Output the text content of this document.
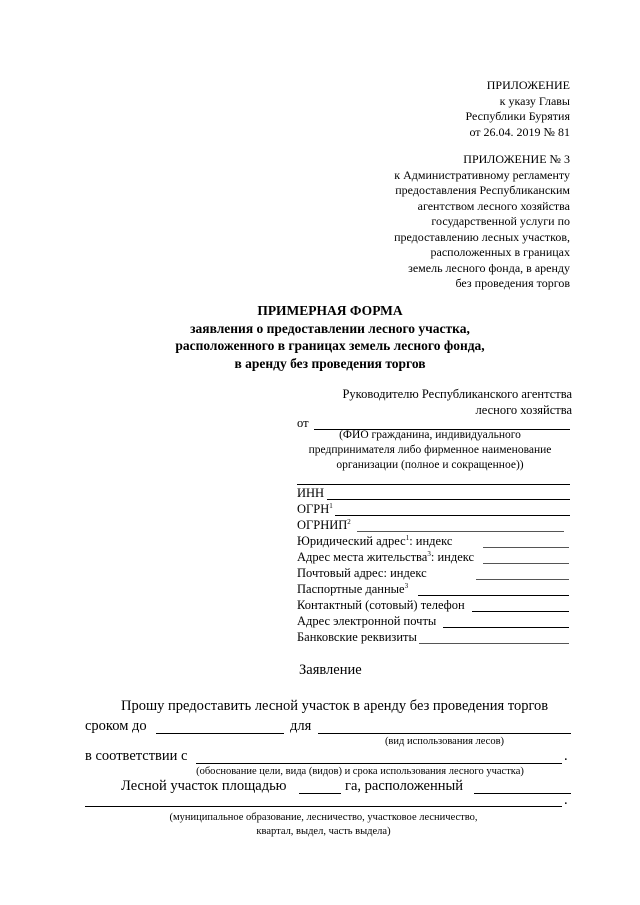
ПРИЛОЖЕНИЕ
к указу Главы
Республики Бурятия
от 26.04. 2019 № 81
ПРИЛОЖЕНИЕ № 3
к Административному регламенту
предоставления Республиканским
агентством лесного хозяйства
государственной услуги по
предоставлению лесных участков,
расположенных в границах
земель лесного фонда, в аренду
без проведения торгов
ПРИМЕРНАЯ ФОРМА
заявления о предоставлении лесного участка,
расположенного в границах земель лесного фонда,
в аренду без проведения торгов
Руководителю Республиканского агентства
лесного хозяйства
от
(ФИО гражданина, индивидуального
предпринимателя либо фирменное наименование
организации (полное и сокращенное))
ИНН
ОГРН$^1$
ОГРНИП$^2$
Юридический адрес$^1$: индекс
Адрес места жительства$^3$: индекс
Почтовый адрес: индекс
Паспортные данные$^3$
Контактный (сотовый) телефон
Адрес электронной почты
Банковские реквизиты
Заявление
Прошу предоставить лесной участок в аренду без проведения торгов
сроком до	для
(вид использования лесов)
в соответствии с	.
(обоснование цели, вида (видов) и срока использования лесного участка)
Лесной участок площадью	га, расположенный
.
(муниципальное образование, лесничество, участковое лесничество,
квартал, выдел, часть выдела)
